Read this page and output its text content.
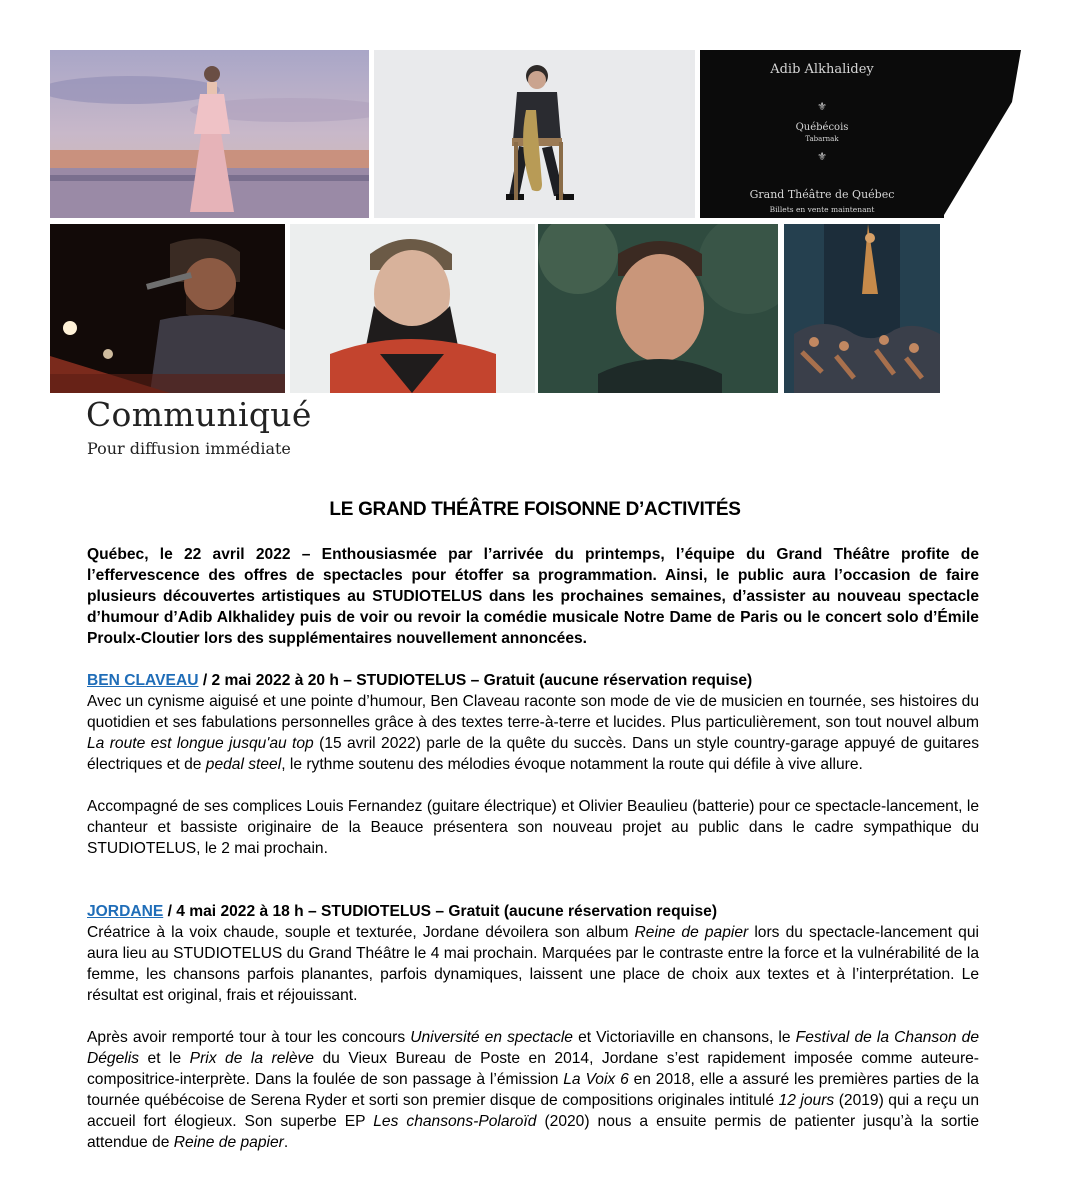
Adib Alkhalidey
⚜
Québécois
Tabarnak
⚜
Grand Théâtre de Québec
Billets en vente maintenant
Communiqué
Pour diffusion immédiate
LE GRAND THÉÂTRE FOISONNE D’ACTIVITÉS

Québec, le 22 avril 2022 – Enthousiasmée par l’arrivée du printemps, l’équipe du Grand Théâtre profite de l’effervescence des offres de spectacles pour étoffer sa programmation. Ainsi, le public aura l’occasion de faire plusieurs découvertes artistiques au STUDIOTELUS dans les prochaines semaines, d’assister au nouveau spectacle d’humour d’Adib Alkhalidey puis de voir ou revoir la comédie musicale Notre Dame de Paris ou le concert solo d’Émile Proulx-Cloutier lors des supplémentaires nouvellement annoncées.

BEN CLAVEAU / 2 mai 2022 à 20 h – STUDIOTELUS – Gratuit (aucune réservation requise)

Avec un cynisme aiguisé et une pointe d’humour, Ben Claveau raconte son mode de vie de musicien en tournée, ses histoires du quotidien et ses fabulations personnelles grâce à des textes terre-à-terre et lucides. Plus particulièrement, son tout nouvel album La route est longue jusqu'au top (15 avril 2022) parle de la quête du succès. Dans un style country-garage appuyé de guitares électriques et de pedal steel, le rythme soutenu des mélodies évoque notamment la route qui défile à vive allure.

Accompagné de ses complices Louis Fernandez (guitare électrique) et Olivier Beaulieu (batterie) pour ce spectacle-lancement, le chanteur et bassiste originaire de la Beauce présentera son nouveau projet au public dans le cadre sympathique du STUDIOTELUS, le 2 mai prochain.

JORDANE / 4 mai 2022 à 18 h – STUDIOTELUS – Gratuit (aucune réservation requise)

Créatrice à la voix chaude, souple et texturée, Jordane dévoilera son album Reine de papier lors du spectacle-lancement qui aura lieu au STUDIOTELUS du Grand Théâtre le 4 mai prochain. Marquées par le contraste entre la force et la vulnérabilité de la femme, les chansons parfois planantes, parfois dynamiques, laissent une place de choix aux textes et à l’interprétation. Le résultat est original, frais et réjouissant.

Après avoir remporté tour à tour les concours Université en spectacle et Victoriaville en chansons, le Festival de la Chanson de Dégelis et le Prix de la relève du Vieux Bureau de Poste en 2014, Jordane s’est rapidement imposée comme auteure-compositrice-interprète. Dans la foulée de son passage à l’émission La Voix 6 en 2018, elle a assuré les premières parties de la tournée québécoise de Serena Ryder et sorti son premier disque de compositions originales intitulé 12 jours (2019) qui a reçu un accueil fort élogieux. Son superbe EP Les chansons-Polaroïd (2020) nous a ensuite permis de patienter jusqu’à la sortie attendue de Reine de papier.
